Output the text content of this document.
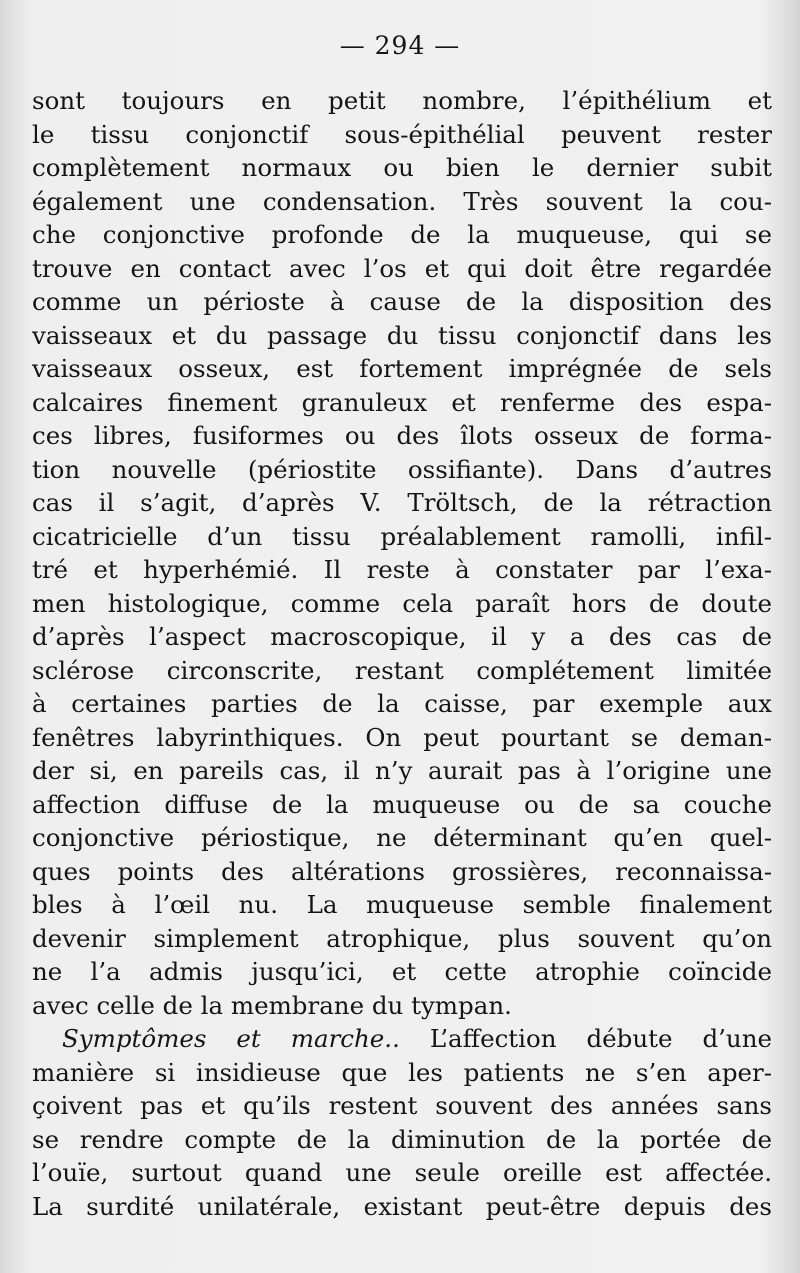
— 294 —
sont toujours en petit nombre, l’épithélium et
le tissu conjonctif sous-épithélial peuvent rester
complètement normaux ou bien le dernier subit
également une condensation. Très souvent la cou-
che conjonctive profonde de la muqueuse, qui se
trouve en contact avec l’os et qui doit être regardée
comme un périoste à cause de la disposition des
vaisseaux et du passage du tissu conjonctif dans les
vaisseaux osseux, est fortement imprégnée de sels
calcaires finement granuleux et renferme des espa-
ces libres, fusiformes ou des îlots osseux de forma-
tion nouvelle (périostite ossifiante). Dans d’autres
cas il s’agit, d’après V. Tröltsch, de la rétraction
cicatricielle d’un tissu préalablement ramolli, infil-
tré et hyperhémié. Il reste à constater par l’exa-
men histologique, comme cela paraît hors de doute
d’après l’aspect macroscopique, il y a des cas de
sclérose circonscrite, restant complétement limitée
à certaines parties de la caisse, par exemple aux
fenêtres labyrinthiques. On peut pourtant se deman-
der si, en pareils cas, il n’y aurait pas à l’origine une
affection diffuse de la muqueuse ou de sa couche
conjonctive périostique, ne déterminant qu’en quel-
ques points des altérations grossières, reconnaissa-
bles à l’œil nu. La muqueuse semble finalement
devenir simplement atrophique, plus souvent qu’on
ne l’a admis jusqu’ici, et cette atrophie coïncide
avec celle de la membrane du tympan.
Symptômes et marche.. L’affection débute d’une
manière si insidieuse que les patients ne s’en aper-
çoivent pas et qu’ils restent souvent des années sans
se rendre compte de la diminution de la portée de
l’ouïe, surtout quand une seule oreille est affectée.
La surdité unilatérale, existant peut-être depuis des
